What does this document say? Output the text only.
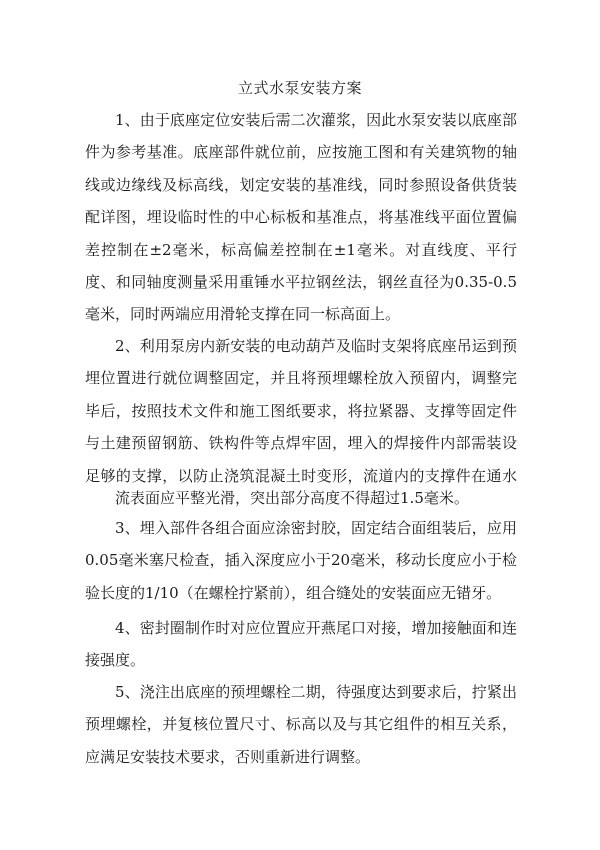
立式水泵安装方案

1、由于底座定位安装后需二次灌浆，因此水泵安装以底座部件为参考基准。底座部件就位前，应按施工图和有关建筑物的轴线或边缘线及标高线，划定安装的基准线，同时参照设备供货装配详图，埋设临时性的中心标板和基准点，将基准线平面位置偏差控制在±2毫米，标高偏差控制在±1毫米。对直线度、平行度、和同轴度测量采用重锤水平拉钢丝法，钢丝直径为0.35-0.5毫米，同时两端应用滑轮支撑在同一标高面上。

2、利用泵房内新安装的电动葫芦及临时支架将底座吊运到预埋位置进行就位调整固定，并且将预埋螺栓放入预留内，调整完毕后，按照技术文件和施工图纸要求，将拉紧器、支撑等固定件与土建预留钢筋、铁构件等点焊牢固，埋入的焊接件内部需装设足够的支撑，以防止浇筑混凝土时变形，流道内的支撑件在通水

流表面应平整光滑，突出部分高度不得超过1.5毫米。

3、埋入部件各组合面应涂密封胶，固定结合面组装后，应用0.05毫米塞尺检查，插入深度应小于20毫米，移动长度应小于检验长度的1/10（在螺栓拧紧前），组合缝处的安装面应无错牙。

4、密封圈制作时对应位置应开燕尾口对接，增加接触面和连接强度。

5、浇注出底座的预埋螺栓二期，待强度达到要求后，拧紧出预埋螺栓，并复核位置尺寸、标高以及与其它组件的相互关系，应满足安装技术要求，否则重新进行调整。
